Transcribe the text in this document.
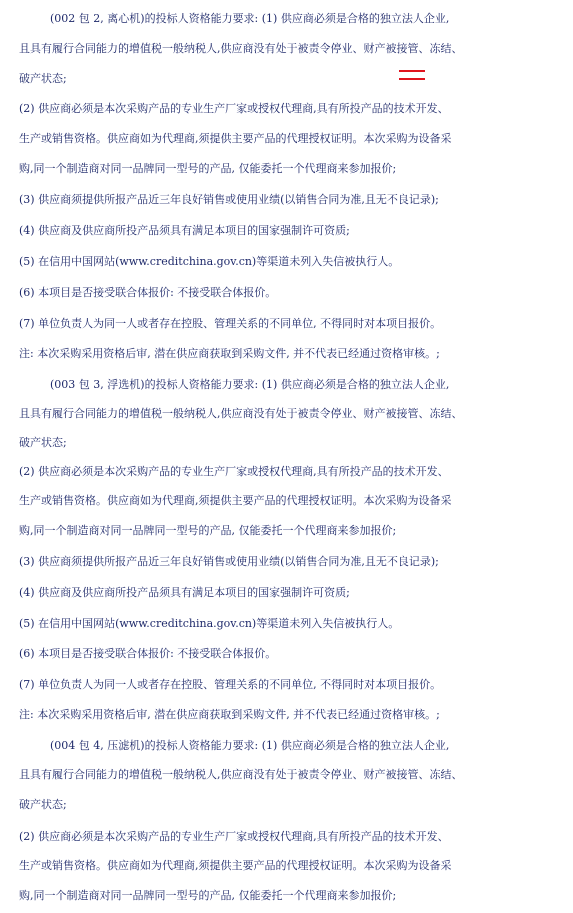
(002 包 2, 离心机)的投标人资格能力要求: (1) 供应商必须是合格的独立法人企业,
且具有履行合同能力的增值税一般纳税人,供应商没有处于被责令停业、财产被接管、冻结、
破产状态;
(2) 供应商必须是本次采购产品的专业生产厂家或授权代理商,具有所投产品的技术开发、
生产或销售资格。供应商如为代理商,须提供主要产品的代理授权证明。本次采购为设备采
购,同一个制造商对同一品牌同一型号的产品, 仅能委托一个代理商来参加报价;
(3) 供应商须提供所报产品近三年良好销售或使用业绩(以销售合同为准,且无不良记录);
(4) 供应商及供应商所投产品须具有满足本项目的国家强制许可资质;
(5) 在信用中国网站(www.creditchina.gov.cn)等渠道未列入失信被执行人。
(6) 本项目是否接受联合体报价: 不接受联合体报价。
(7) 单位负责人为同一人或者存在控股、管理关系的不同单位, 不得同时对本项目报价。
注: 本次采购采用资格后审, 潜在供应商获取到采购文件, 并不代表已经通过资格审核。;
(003 包 3, 浮选机)的投标人资格能力要求: (1) 供应商必须是合格的独立法人企业,
且具有履行合同能力的增值税一般纳税人,供应商没有处于被责令停业、财产被接管、冻结、
破产状态;
(2) 供应商必须是本次采购产品的专业生产厂家或授权代理商,具有所投产品的技术开发、
生产或销售资格。供应商如为代理商,须提供主要产品的代理授权证明。本次采购为设备采
购,同一个制造商对同一品牌同一型号的产品, 仅能委托一个代理商来参加报价;
(3) 供应商须提供所报产品近三年良好销售或使用业绩(以销售合同为准,且无不良记录);
(4) 供应商及供应商所投产品须具有满足本项目的国家强制许可资质;
(5) 在信用中国网站(www.creditchina.gov.cn)等渠道未列入失信被执行人。
(6) 本项目是否接受联合体报价: 不接受联合体报价。
(7) 单位负责人为同一人或者存在控股、管理关系的不同单位, 不得同时对本项目报价。
注: 本次采购采用资格后审, 潜在供应商获取到采购文件, 并不代表已经通过资格审核。;
(004 包 4, 压滤机)的投标人资格能力要求: (1) 供应商必须是合格的独立法人企业,
且具有履行合同能力的增值税一般纳税人,供应商没有处于被责令停业、财产被接管、冻结、
破产状态;
(2) 供应商必须是本次采购产品的专业生产厂家或授权代理商,具有所投产品的技术开发、
生产或销售资格。供应商如为代理商,须提供主要产品的代理授权证明。本次采购为设备采
购,同一个制造商对同一品牌同一型号的产品, 仅能委托一个代理商来参加报价;
